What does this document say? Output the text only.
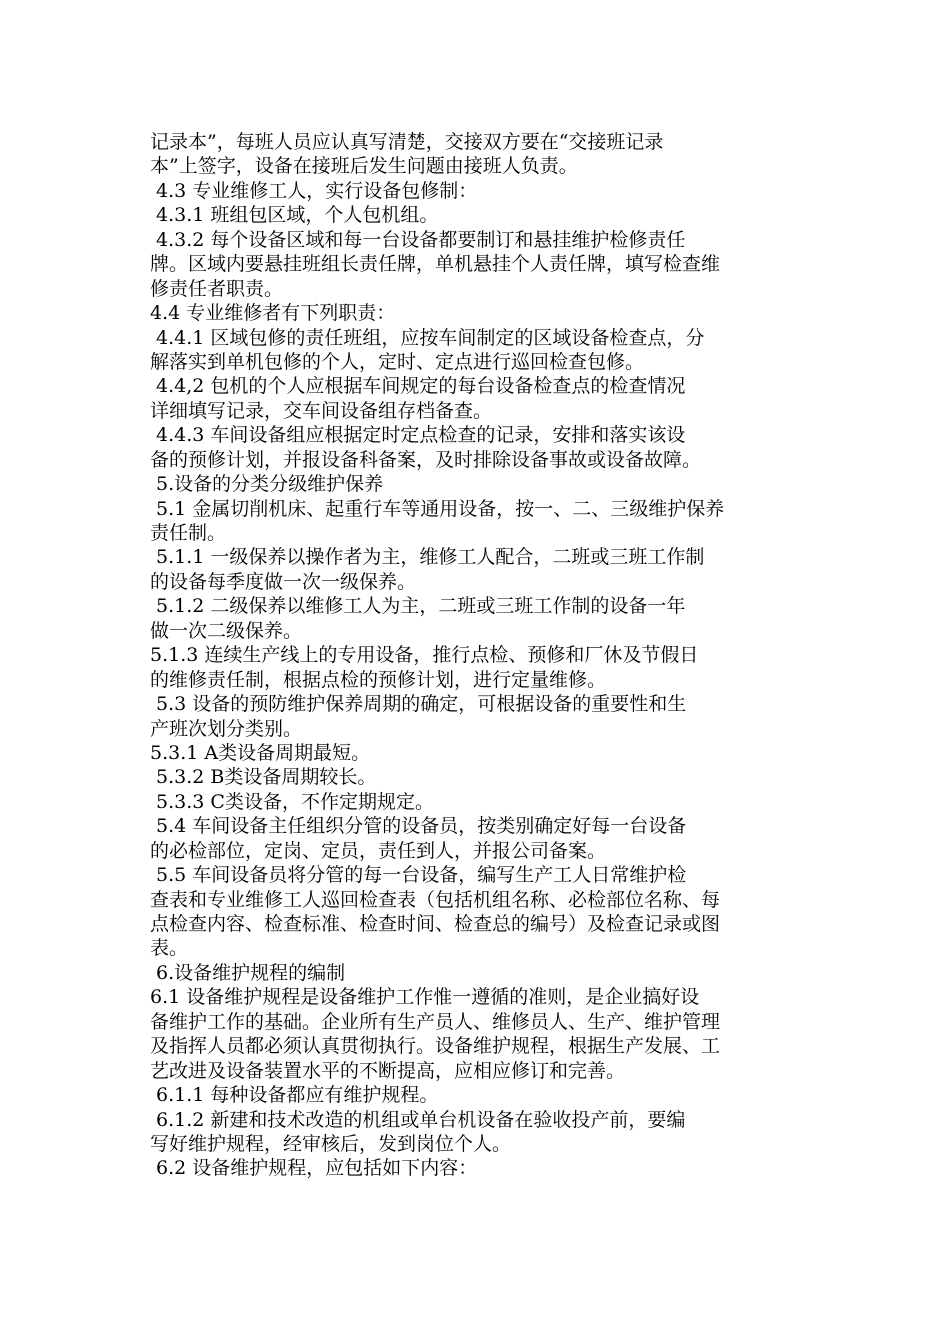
记录本”，每班人员应认真写清楚，交接双方要在“交接班记录
本”上签字，设备在接班后发生问题由接班人负责。
4.3 专业维修工人，实行设备包修制：
4.3.1 班组包区域，个人包机组。
4.3.2 每个设备区域和每一台设备都要制订和悬挂维护检修责任
牌。区域内要悬挂班组长责任牌，单机悬挂个人责任牌，填写检查维
修责任者职责。
4.4 专业维修者有下列职责：
4.4.1 区域包修的责任班组，应按车间制定的区域设备检查点，分
解落实到单机包修的个人，定时、定点进行巡回检查包修。
4.4,2 包机的个人应根据车间规定的每台设备检查点的检查情况
详细填写记录，交车间设备组存档备查。
4.4.3 车间设备组应根据定时定点检查的记录，安排和落实该设
备的预修计划，并报设备科备案，及时排除设备事故或设备故障。
5.设备的分类分级维护保养
5.1 金属切削机床、起重行车等通用设备，按一、二、三级维护保养
责任制。
5.1.1 一级保养以操作者为主，维修工人配合，二班或三班工作制
的设备每季度做一次一级保养。
5.1.2 二级保养以维修工人为主，二班或三班工作制的设备一年
做一次二级保养。
5.1.3 连续生产线上的专用设备，推行点检、预修和厂休及节假日
的维修责任制，根据点检的预修计划，进行定量维修。
5.3 设备的预防维护保养周期的确定，可根据设备的重要性和生
产班次划分类别。
5.3.1 A类设备周期最短。
5.3.2 B类设备周期较长。
5.3.3 C类设备，不作定期规定。
5.4 车间设备主任组织分管的设备员，按类别确定好每一台设备
的必检部位，定岗、定员，责任到人，并报公司备案。
5.5 车间设备员将分管的每一台设备，编写生产工人日常维护检
查表和专业维修工人巡回检查表（包括机组名称、必检部位名称、每
点检查内容、检查标准、检查时间、检查总的编号）及检查记录或图
表。
6.设备维护规程的编制
6.1 设备维护规程是设备维护工作惟一遵循的准则，是企业搞好设
备维护工作的基础。企业所有生产员人、维修员人、生产、维护管理
及指挥人员都必须认真贯彻执行。设备维护规程，根据生产发展、工
艺改进及设备装置水平的不断提高，应相应修订和完善。
6.1.1 每种设备都应有维护规程。
6.1.2 新建和技术改造的机组或单台机设备在验收投产前，要编
写好维护规程，经审核后，发到岗位个人。
6.2 设备维护规程，应包括如下内容：
